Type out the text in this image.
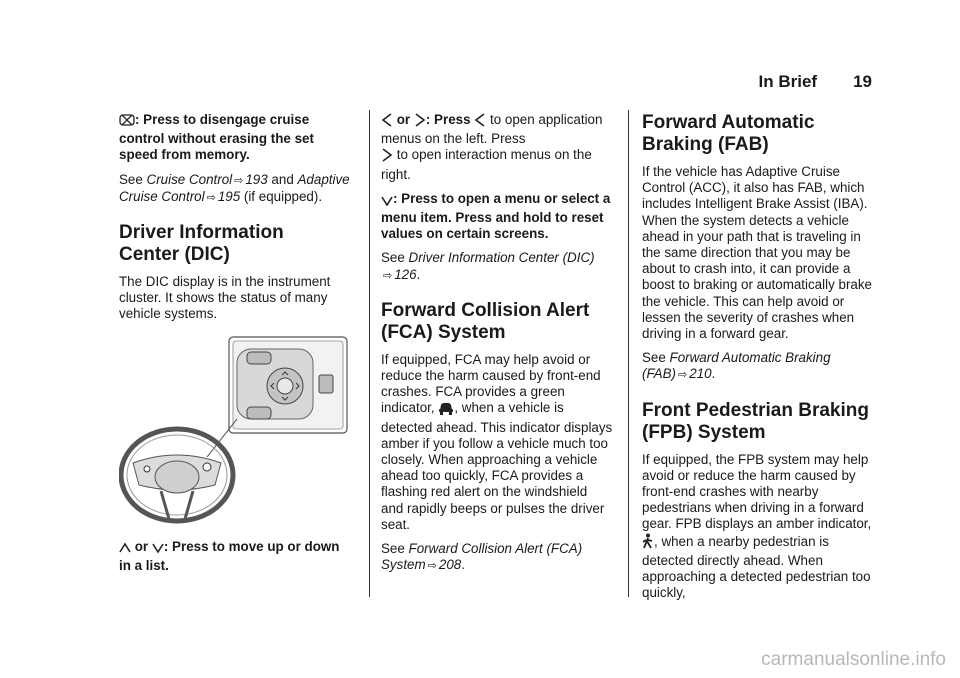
In Brief 19

: Press to disengage cruise control without erasing the set speed from memory.

See Cruise Control ⇨ 193 and Adaptive Cruise Control ⇨ 195 (if equipped).

Driver Information
Center (DIC)

The DIC display is in the instrument cluster. It shows the status of many vehicle systems.

or : Press to move up or down in a list.

or : Press to open application menus on the left. Press
to open interaction menus on the right.

: Press to open a menu or select a menu item. Press and hold to reset values on certain screens.

See Driver Information Center (DIC)
⇨ 126.

Forward Collision Alert
(FCA) System

If equipped, FCA may help avoid or reduce the harm caused by front-end crashes. FCA provides a green indicator, , when a vehicle is detected ahead. This indicator displays amber if you follow a vehicle much too closely. When approaching a vehicle ahead too quickly, FCA provides a flashing red alert on the windshield and rapidly beeps or pulses the driver seat.

See Forward Collision Alert (FCA) System ⇨ 208.

Forward Automatic
Braking (FAB)

If the vehicle has Adaptive Cruise Control (ACC), it also has FAB, which includes Intelligent Brake Assist (IBA). When the system detects a vehicle ahead in your path that is traveling in the same direction that you may be about to crash into, it can provide a boost to braking or automatically brake the vehicle. This can help avoid or lessen the severity of crashes when driving in a forward gear.

See Forward Automatic Braking (FAB) ⇨ 210.

Front Pedestrian Braking
(FPB) System

If equipped, the FPB system may help avoid or reduce the harm caused by front-end crashes with nearby pedestrians when driving in a forward gear. FPB displays an amber indicator, , when a nearby pedestrian is detected directly ahead. When approaching a detected pedestrian too quickly,

carmanualsonline.info
